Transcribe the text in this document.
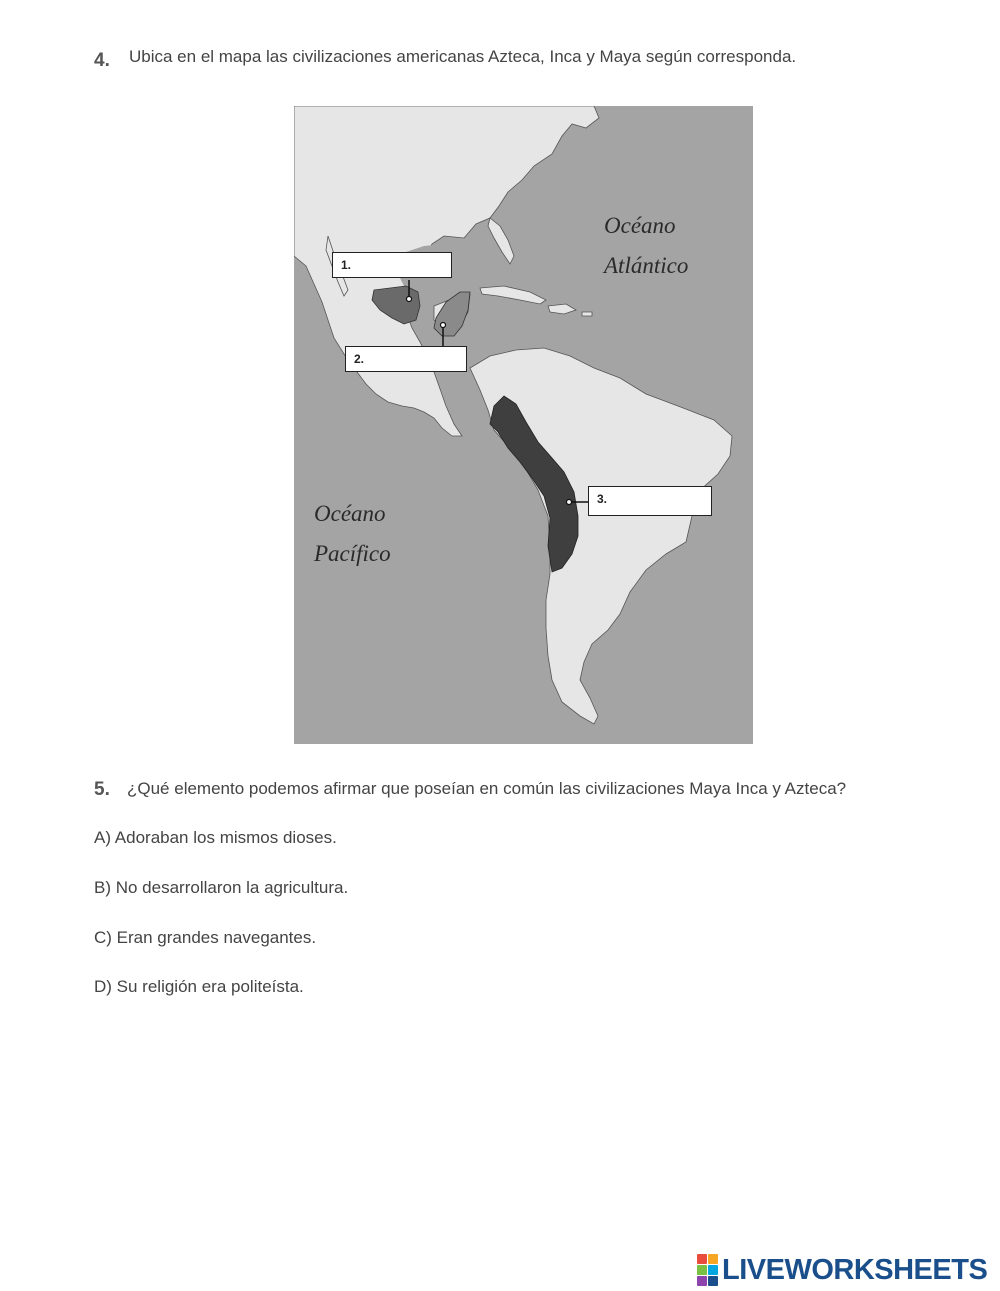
4. Ubica en el mapa las civilizaciones americanas Azteca, Inca y Maya según corresponda.
Océano
Atlántico
Océano
Pacífico
1.
2.
3.
5. ¿Qué elemento podemos afirmar que poseían en común las civilizaciones Maya Inca y Azteca?
A) Adoraban los mismos dioses.
B) No desarrollaron la agricultura.
C) Eran grandes navegantes.
D) Su religión era politeísta.
LIVEWORKSHEETS
